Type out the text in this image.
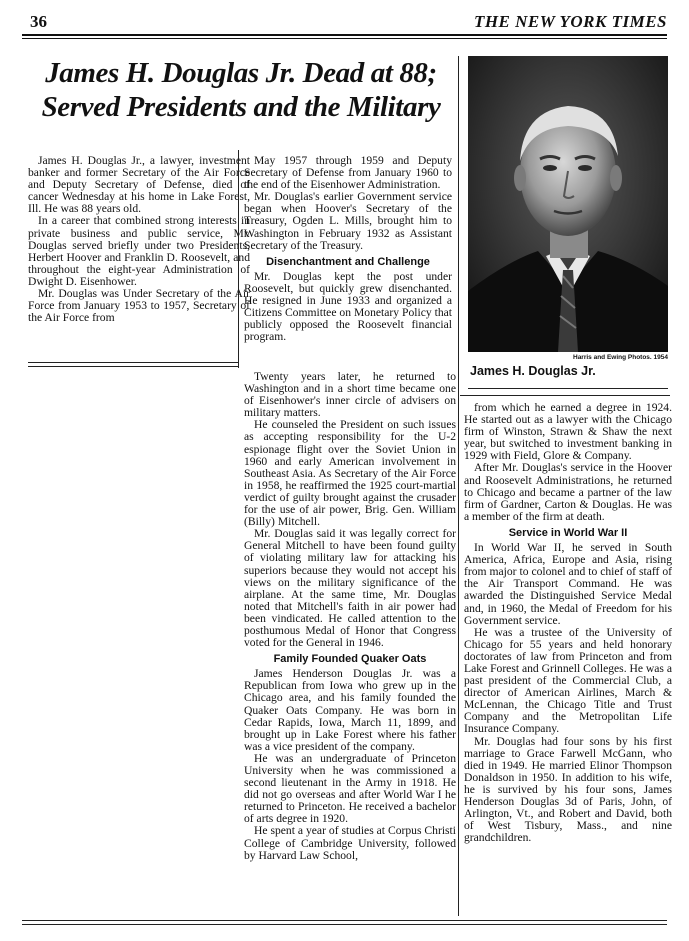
36	THE NEW YORK TIMES
James H. Douglas Jr. Dead at 88;
Served Presidents and the Military
Harris and Ewing Photos. 1954
James H. Douglas Jr.

James H. Douglas Jr., a lawyer, investment banker and former Secretary of the Air Force and Deputy Secretary of Defense, died of cancer Wednesday at his home in Lake Forest, Ill. He was 88 years old.

In a career that combined strong interests in private business and public service, Mr. Douglas served briefly under two Presidents, Herbert Hoover and Franklin D. Roosevelt, and throughout the eight-year Administration of Dwight D. Eisenhower.

Mr. Douglas was Under Secretary of the Air Force from January 1953 to 1957, Secretary of the Air Force from

May 1957 through 1959 and Deputy Secretary of Defense from January 1960 to the end of the Eisenhower Administration.

Mr. Douglas's earlier Government service began when Hoover's Secretary of the Treasury, Ogden L. Mills, brought him to Washington in February 1932 as Assistant Secretary of the Treasury.

Disenchantment and Challenge

Mr. Douglas kept the post under Roosevelt, but quickly grew disenchanted. He resigned in June 1933 and organized a Citizens Committee on Monetary Policy that publicly opposed the Roosevelt financial program.

Twenty years later, he returned to Washington and in a short time became one of Eisenhower's inner circle of advisers on military matters.

He counseled the President on such issues as accepting responsibility for the U-2 espionage flight over the Soviet Union in 1960 and early American involvement in Southeast Asia. As Secretary of the Air Force in 1958, he reaffirmed the 1925 court-martial verdict of guilty brought against the crusader for the use of air power, Brig. Gen. William (Billy) Mitchell.

Mr. Douglas said it was legally correct for General Mitchell to have been found guilty of violating military law for attacking his superiors because they would not accept his views on the military significance of the airplane. At the same time, Mr. Douglas noted that Mitchell's faith in air power had been vindicated. He called attention to the posthumous Medal of Honor that Congress voted for the General in 1946.

Family Founded Quaker Oats

James Henderson Douglas Jr. was a Republican from Iowa who grew up in the Chicago area, and his family founded the Quaker Oats Company. He was born in Cedar Rapids, Iowa, March 11, 1899, and brought up in Lake Forest where his father was a vice president of the company.

He was an undergraduate of Princeton University when he was commissioned a second lieutenant in the Army in 1918. He did not go overseas and after World War I he returned to Princeton. He received a bachelor of arts degree in 1920.

He spent a year of studies at Corpus Christi College of Cambridge University, followed by Harvard Law School,

from which he earned a degree in 1924. He started out as a lawyer with the Chicago firm of Winston, Strawn & Shaw the next year, but switched to investment banking in 1929 with Field, Glore & Company.

After Mr. Douglas's service in the Hoover and Roosevelt Administrations, he returned to Chicago and became a partner of the law firm of Gardner, Carton & Douglas. He was a member of the firm at death.

Service in World War II

In World War II, he served in South America, Africa, Europe and Asia, rising from major to colonel and to chief of staff of the Air Transport Command. He was awarded the Distinguished Service Medal and, in 1960, the Medal of Freedom for his Government service.

He was a trustee of the University of Chicago for 55 years and held honorary doctorates of law from Princeton and from Lake Forest and Grinnell Colleges. He was a past president of the Commercial Club, a director of American Airlines, March & McLennan, the Chicago Title and Trust Company and the Metropolitan Life Insurance Company.

Mr. Douglas had four sons by his first marriage to Grace Farwell McGann, who died in 1949. He married Elinor Thompson Donaldson in 1950. In addition to his wife, he is survived by his four sons, James Henderson Douglas 3d of Paris, John, of Arlington, Vt., and Robert and David, both of West Tisbury, Mass., and nine grandchildren.
